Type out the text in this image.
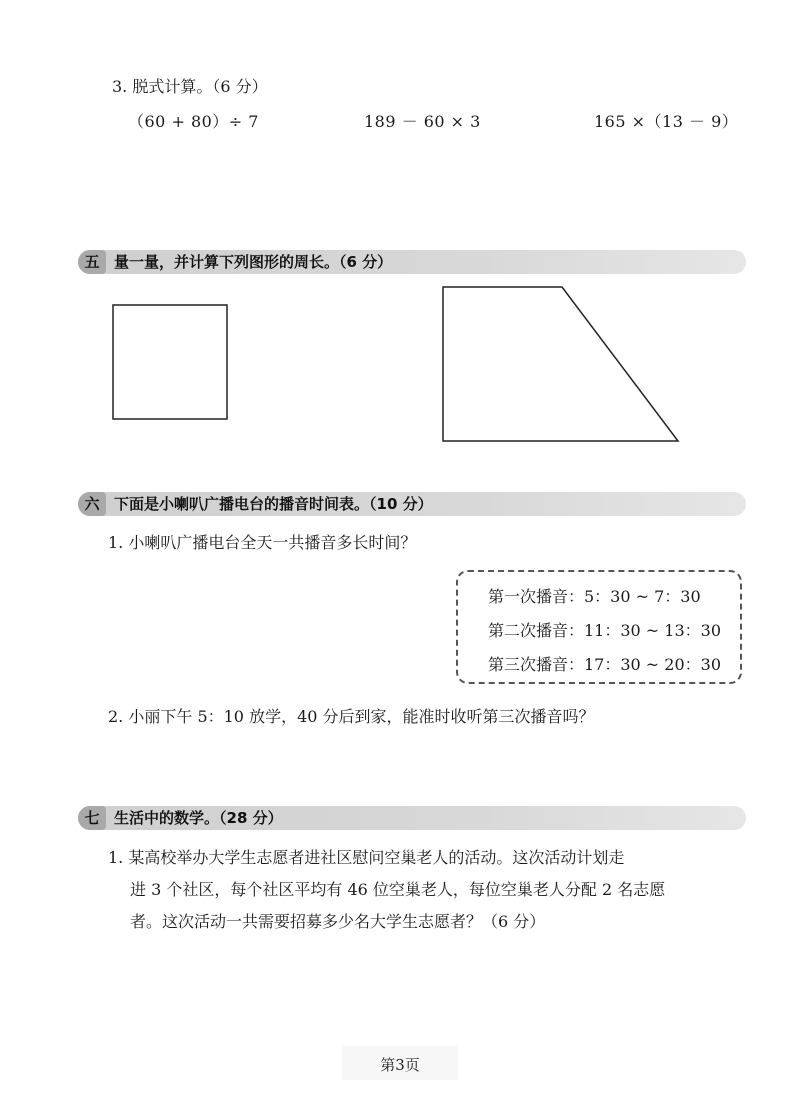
3. 脱式计算。（6 分）
（60 + 80）÷ 7	189 － 60 × 3	165 ×（13 － 9）
五 量一量，并计算下列图形的周长。（6 分）
六 下面是小喇叭广播电台的播音时间表。（10 分）
1. 小喇叭广播电台全天一共播音多长时间？
第一次播音：5：30 ~ 7：30
第二次播音：11：30 ~ 13：30
第三次播音：17：30 ~ 20：30
2. 小丽下午 5：10 放学，40 分后到家，能准时收听第三次播音吗？
七 生活中的数学。（28 分）
1. 某高校举办大学生志愿者进社区慰问空巢老人的活动。这次活动计划走
进 3 个社区，每个社区平均有 46 位空巢老人，每位空巢老人分配 2 名志愿
者。这次活动一共需要招募多少名大学生志愿者？（6 分）
第3页
